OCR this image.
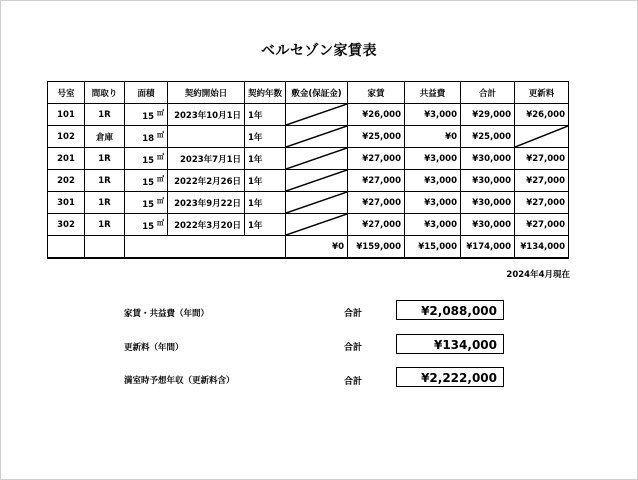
ベルセゾン家賃表
号室	間取り	面積	契約開始日	契約年数	敷金(保証金)	家賃	共益費	合計	更新料
101	1R	15 ㎡	2023年10月1日	1年		¥26,000	¥3,000	¥29,000	¥26,000
102	倉庫	18 ㎡		1年		¥25,000	¥0	¥25,000	

201	1R	15 ㎡	2023年7月1日	1年		¥27,000	¥3,000	¥30,000	¥27,000
202	1R	15 ㎡	2022年2月26日	1年		¥27,000	¥3,000	¥30,000	¥27,000
301	1R	15 ㎡	2023年9月22日	1年		¥27,000	¥3,000	¥30,000	¥27,000
302	1R	15 ㎡	2022年3月20日	1年		¥27,000	¥3,000	¥30,000	¥27,000
					¥0	¥159,000	¥15,000	¥174,000	¥134,000
2024年4月現在
家賃・共益費（年間）	合計	¥2,088,000
更新料（年間）	合計	¥134,000
満室時予想年収（更新料含）	合計	¥2,222,000
